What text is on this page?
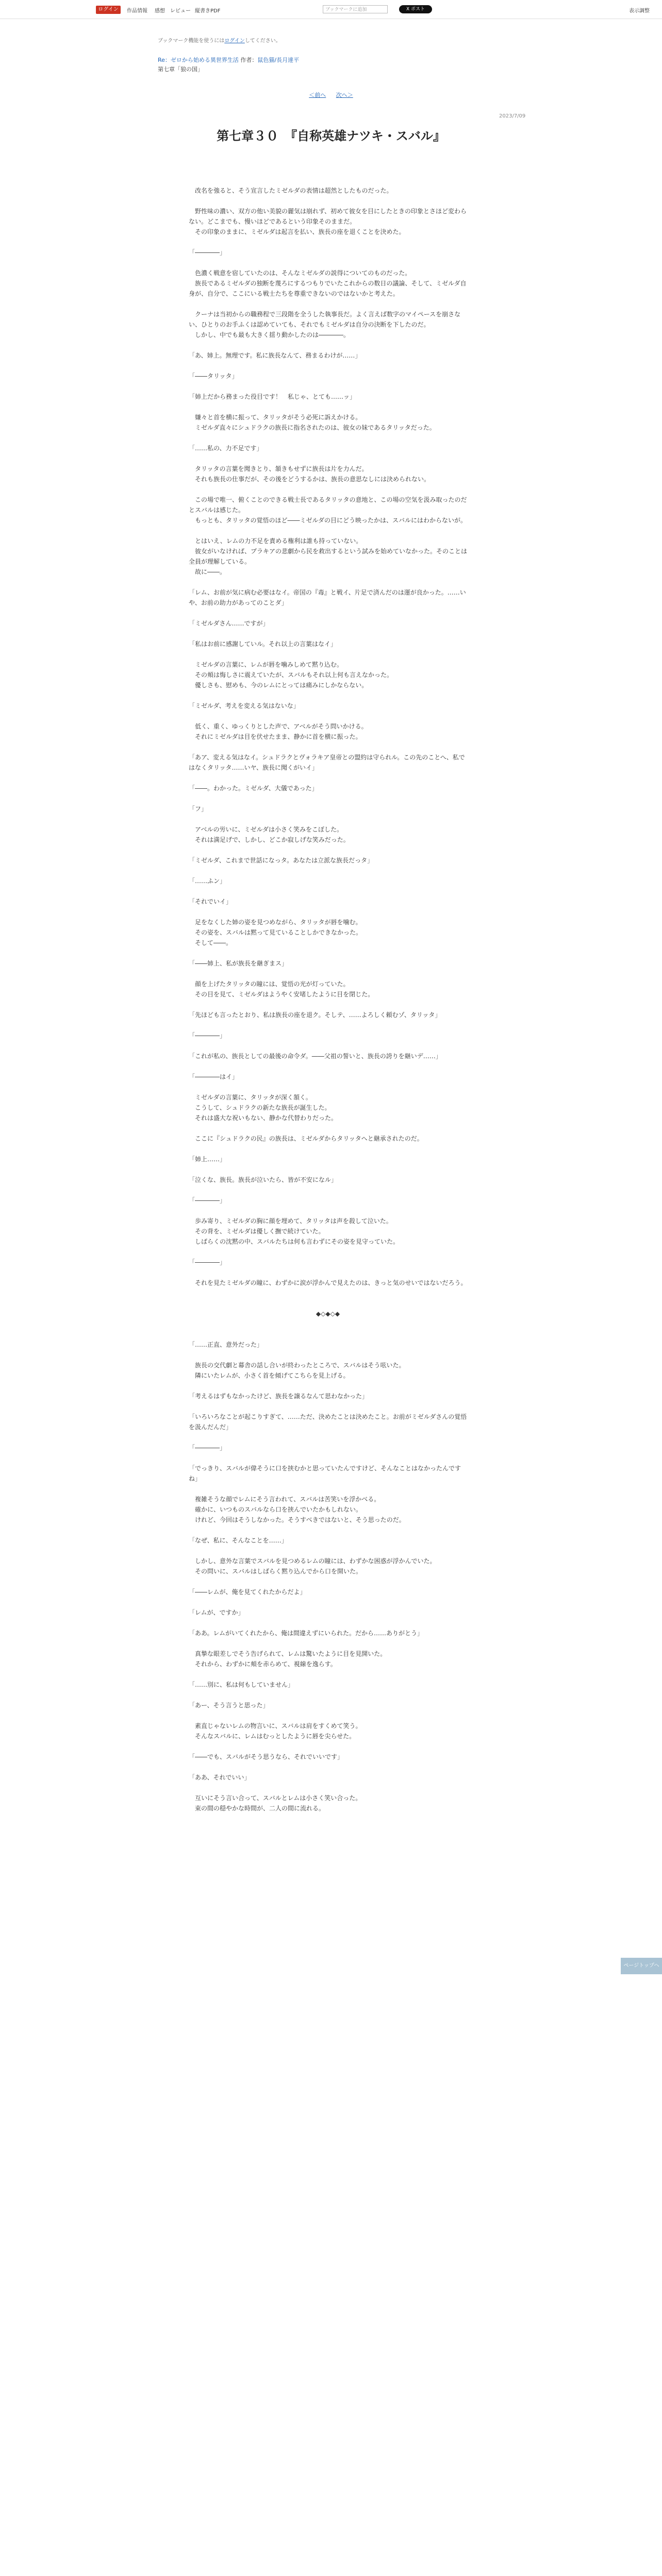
ログイン	作品情報 感想 レビュー 縦書きPDF	ブックマークに追加	X ポスト	表示調整
ブックマーク機能を使うにはログインしてください。
Re：ゼロから始める異世界生活 作者：鼠色猫/長月達平
第七章「狼の国」
＜前へ 次へ＞
2023/7/09
第七章３０　『自称英雄ナツキ・スバル』

　改名を強ると、そう宣言したミゼルダの表情は超然としたものだった。

　野性味の濃い、双方の他い美貌の麗気は崩れず、初めて彼女を目にしたときの印象とさほど変わらない。どこまでも、慢いほどであるという印象そのままだ。
　その印象のままに、ミゼルダは起言を払い、族長の座を退くことを決めた。

「――――」

　色濃く戦意を宿していたのは、そんなミゼルダの説得についてのものだった。
　族長であるミゼルダの独断を蔑ろにするつもりでいたこれからの数日の議論、そして、ミゼルダ自身が、自分で、ここにいる戦士たちを尊重できないのではないかと考えた。

　クーナは当初からの職務程で三段階を全うした執事長だ。よく言えば数字のマイペースを崩さない、ひとりのお手ふくは認めていても、それでもミゼルダは自分の決断を下したのだ。
　しかし、中でも最も大きく揺り動かしたのは――――。

「あ、姉上。無理です。私に族長なんて、務まるわけが……」

「――タリッタ」

「姉上だから務まった役目です！　私じゃ、とても……ッ」

　嫌々と首を横に振って、タリッタがそう必死に訴えかける。
　ミゼルダ直々にシュドラクの族長に指名されたのは、彼女の妹であるタリッタだった。

「……私の、力不足です」

　タリッタの言葉を聞きとり、頷きもせずに族長は片を力んだ。
　それも族長の仕事だが、その後をどうするかは、族長の意思なしには決められない。

　この場で唯一、俯くことのできる戦士長であるタリッタの意地と、この場の空気を汲み取ったのだとスバルは感じた。
　もっとも、タリッタの覚悟のほど――ミゼルダの目にどう映ったかは、スバルにはわからないが。

　とはいえ、レムの力不足を責める権利は誰も持っていない。
　彼女がいなければ、プラキアの悲劇から民を救出するという試みを始めていなかった。そのことは全員が理解している。
　故に――。

「レム、お前が気に病む必要はなイ。帝国の『毒』と戦イ、片足で済んだのは運が良かった。……いや、お前の助力があってのことダ」

「ミゼルダさん……ですが」

「私はお前に感謝していル。それ以上の言葉はなイ」

　ミゼルダの言葉に、レムが唇を噛みしめて黙り込む。
　その頬は悔しさに震えていたが、スバルもそれ以上何も言えなかった。
　優しさも、慰めも、今のレムにとっては痛みにしかならない。

「ミゼルダ、考えを変える気はないな」

　低く、重く、ゆっくりとした声で、アベルがそう問いかける。
　それにミゼルダは目を伏せたまま、静かに首を横に振った。

「あア、変える気はなイ。シュドラクとヴォラキア皇帝との盟約は守られル。この先のことへ、私ではなくタリッタ……いヤ、族長に聞くがいイ」

「――。わかった。ミゼルダ、大儀であった」

「フ」

　アベルの労いに、ミゼルダは小さく笑みをこぼした。
　それは満足げで、しかし、どこか寂しげな笑みだった。

「ミゼルダ、これまで世話になっタ。あなたは立派な族長だっタ」

「……ふン」

「それでいイ」

　足をなくした姉の姿を見つめながら、タリッタが唇を噛む。
　その姿を、スバルは黙って見ていることしかできなかった。
　そして――。

「――姉上、私が族長を継ぎまス」

　顔を上げたタリッタの瞳には、覚悟の光が灯っていた。
　その目を見て、ミゼルダはようやく安堵したように目を閉じた。

「先ほども言ったとおり、私は族長の座を退ク。そしテ、……よろしく頼むゾ、タリッタ」

「――――」

「これが私の、族長としての最後の命令ダ。――父祖の誓いと、族長の誇りを継いデ……」

「――――はイ」

　ミゼルダの言葉に、タリッタが深く頷く。
　こうして、シュドラクの新たな族長が誕生した。
　それは盛大な祝いもない、静かな代替わりだった。

　ここに『シュドラクの民』の族長は、ミゼルダからタリッタへと継承されたのだ。

「姉上……」

「泣くな、族長。族長が泣いたら、皆が不安になル」

「――――」

　歩み寄り、ミゼルダの胸に顔を埋めて、タリッタは声を殺して泣いた。
　その背を、ミゼルダは優しく撫で続けていた。
　しばらくの沈黙の中、スバルたちは何も言わずにその姿を見守っていた。

「――――」

　それを見たミゼルダの瞳に、わずかに涙が浮かんで見えたのは、きっと気のせいではないだろう。

◆◇◆◇◆

「……正直、意外だった」

　族長の交代劇と幕舎の話し合いが終わったところで、スバルはそう呟いた。
　隣にいたレムが、小さく首を傾げてこちらを見上げる。

「考えるはずもなかったけど、族長を譲るなんて思わなかった」

「いろいろなことが起こりすぎて、……ただ、決めたことは決めたこと。お前がミゼルダさんの覚悟を汲んだんだ」

「――――」

「でっきり、スバルが偉そうに口を挟むかと思っていたんですけど、そんなことはなかったんですね」

　複雑そうな顔でレムにそう言われて、スバルは苦笑いを浮かべる。
　確かに、いつものスバルなら口を挟んでいたかもしれない。
　けれど、今回はそうしなかった。そうすべきではないと、そう思ったのだ。

「なぜ、私に、そんなことを……」

　しかし、意外な言葉でスバルを見つめるレムの瞳には、わずかな困惑が浮かんでいた。
　その問いに、スバルはしばらく黙り込んでから口を開いた。

「――レムが、俺を見てくれたからだよ」

「レムが、ですか」

「ああ。レムがいてくれたから、俺は間違えずにいられた。だから……ありがとう」

　真摯な眼差しでそう告げられて、レムは驚いたように目を見開いた。
　それから、わずかに頬を赤らめて、視線を逸らす。

「……別に、私は何もしていません」

「あー、そう言うと思った」

　素直じゃないレムの物言いに、スバルは肩をすくめて笑う。
　そんなスバルに、レムはむっとしたように唇を尖らせた。

「――でも、スバルがそう思うなら、それでいいです」

「ああ、それでいい」

　互いにそう言い合って、スバルとレムは小さく笑い合った。
　束の間の穏やかな時間が、二人の間に流れる。

ページトップへ
